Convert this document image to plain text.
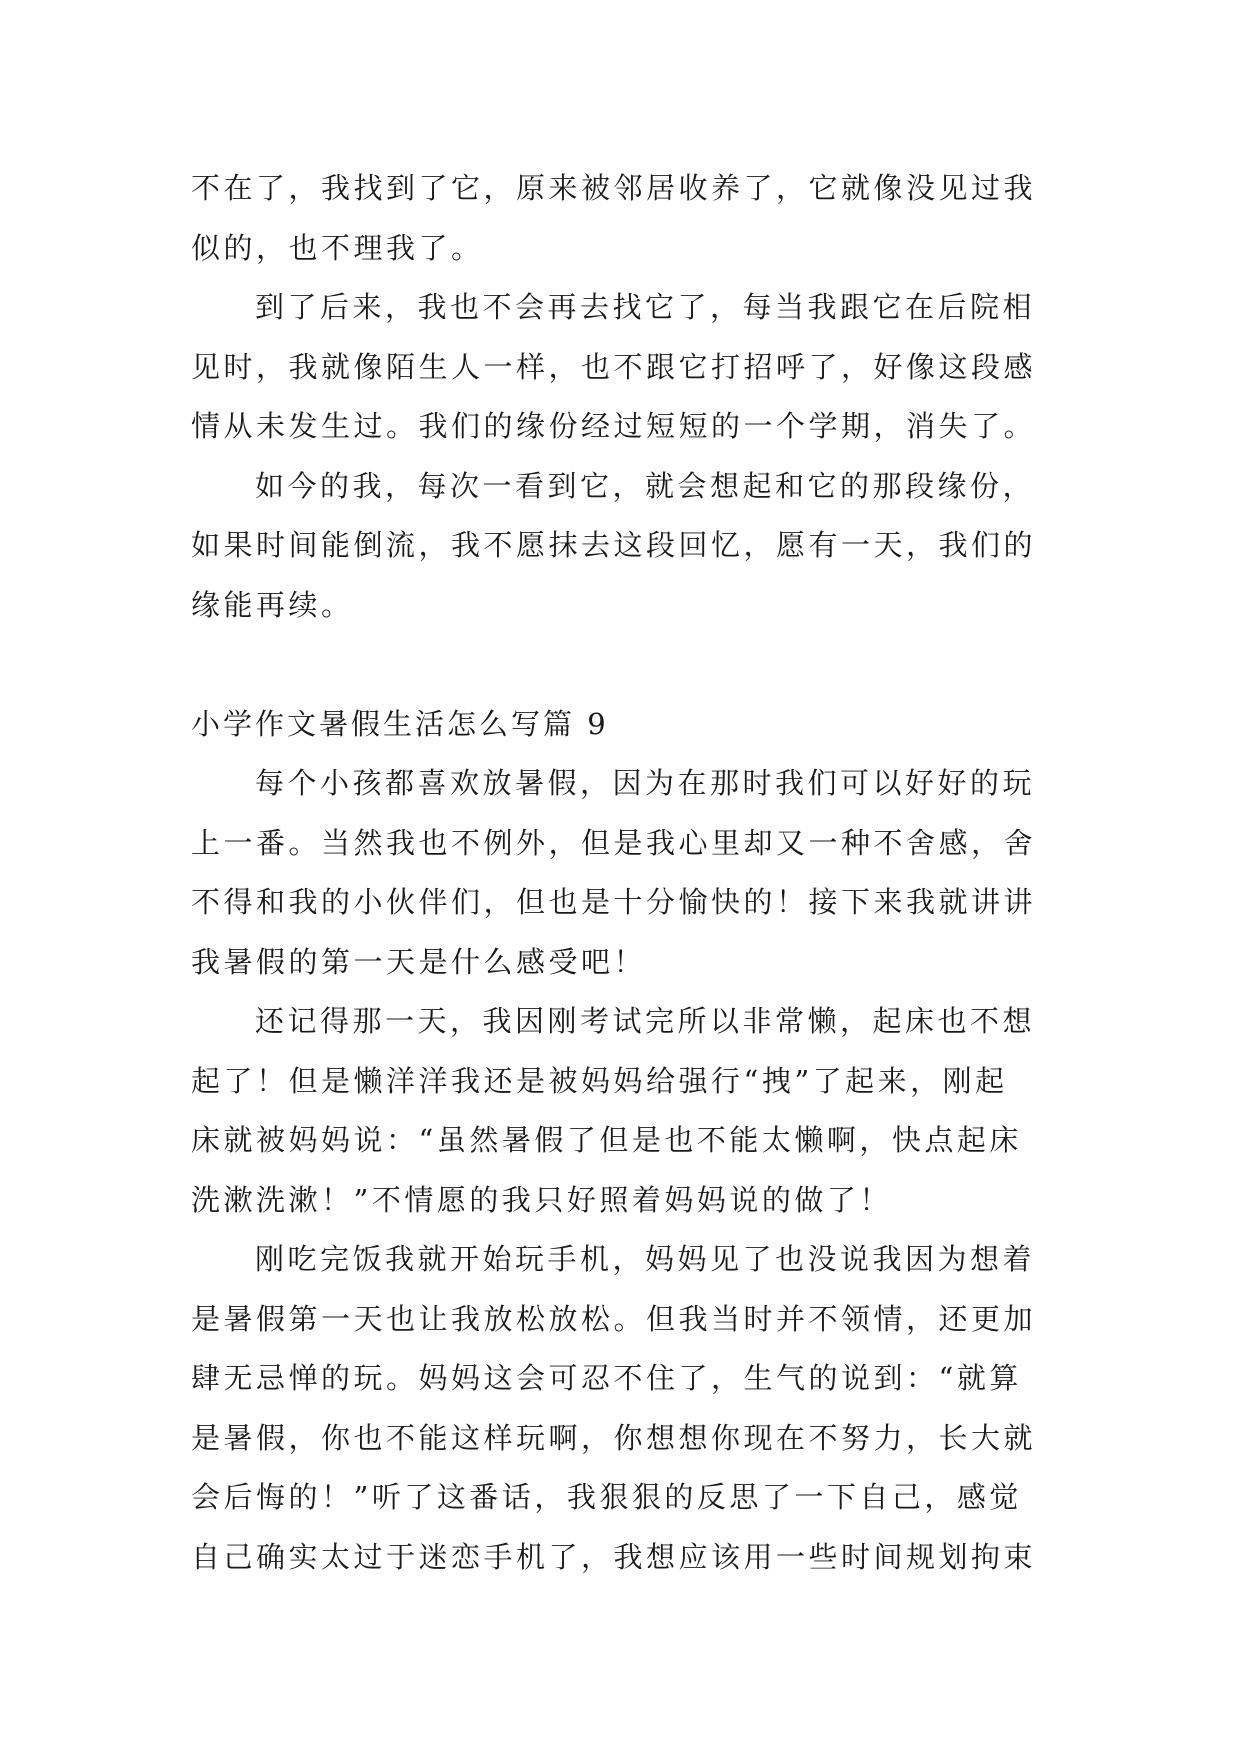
不在了，我找到了它，原来被邻居收养了，它就像没见过我
似的，也不理我了。
到了后来，我也不会再去找它了，每当我跟它在后院相
见时，我就像陌生人一样，也不跟它打招呼了，好像这段感
情从未发生过。我们的缘份经过短短的一个学期，消失了。
如今的我，每次一看到它，就会想起和它的那段缘份，
如果时间能倒流，我不愿抹去这段回忆，愿有一天，我们的
缘能再续。
小学作文暑假生活怎么写篇 9
每个小孩都喜欢放暑假，因为在那时我们可以好好的玩
上一番。当然我也不例外，但是我心里却又一种不舍感，舍
不得和我的小伙伴们，但也是十分愉快的！接下来我就讲讲
我暑假的第一天是什么感受吧！
还记得那一天，我因刚考试完所以非常懒，起床也不想
起了！但是懒洋洋我还是被妈妈给强行“拽”了起来，刚起
床就被妈妈说：“虽然暑假了但是也不能太懒啊，快点起床
洗漱洗漱！”不情愿的我只好照着妈妈说的做了！
刚吃完饭我就开始玩手机，妈妈见了也没说我因为想着
是暑假第一天也让我放松放松。但我当时并不领情，还更加
肆无忌惮的玩。妈妈这会可忍不住了，生气的说到：“就算
是暑假，你也不能这样玩啊，你想想你现在不努力，长大就
会后悔的！”听了这番话，我狠狠的反思了一下自己，感觉
自己确实太过于迷恋手机了，我想应该用一些时间规划拘束
